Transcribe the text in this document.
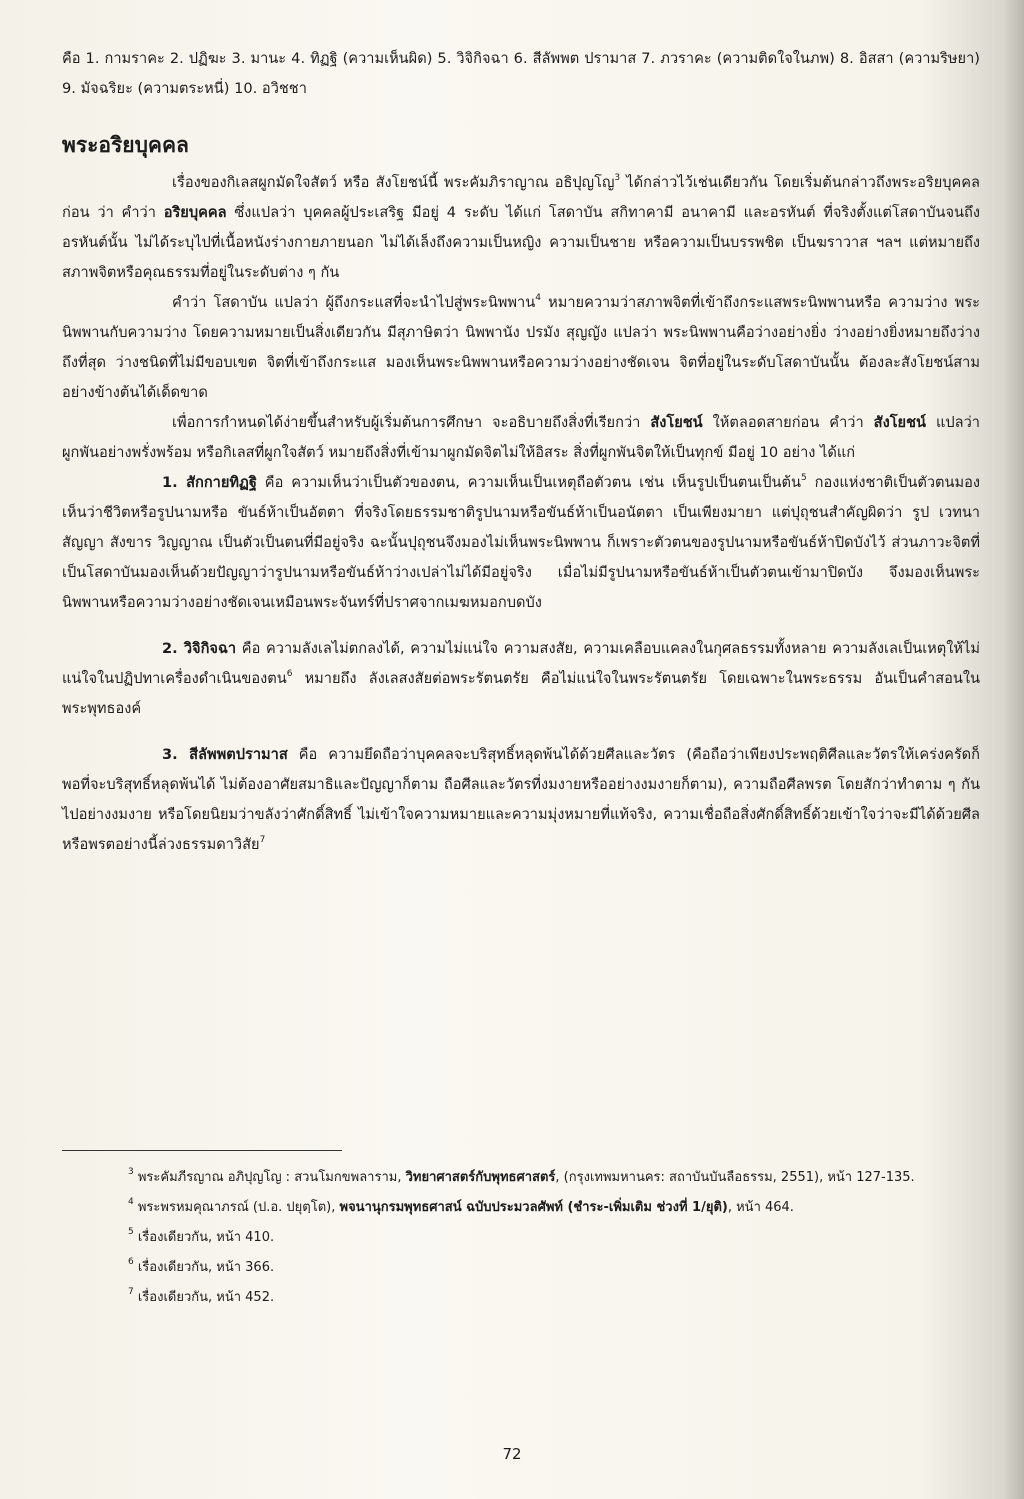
คือ 1. กามราคะ 2. ปฏิฆะ 3. มานะ 4. ทิฏฐิ (ความเห็นผิด) 5. วิจิกิจฉา 6. สีลัพพต ปรามาส 7. ภวราคะ (ความติดใจในภพ) 8. อิสสา (ความริษยา) 9. มัจฉริยะ (ความตระหนี่) 10. อวิชชา

พระอริยบุคคล

เรื่องของกิเลสผูกมัดใจสัตว์ หรือ สังโยชน์นี้ พระคัมภิราญาณ อธิปุญโญ$^3$ ได้กล่าวไว้เช่นเดียวกัน โดยเริ่มต้นกล่าวถึงพระอริยบุคคลก่อน ว่า คำว่า อริยบุคคล ซึ่งแปลว่า บุคคลผู้ประเสริฐ มีอยู่ 4 ระดับ ได้แก่ โสดาบัน สกิทาคามี อนาคามี และอรหันต์ ที่จริงตั้งแต่โสดาบันจนถึงอรหันต์นั้น ไม่ได้ระบุไปที่เนื้อหนังร่างกายภายนอก ไม่ได้เล็งถึงความเป็นหญิง ความเป็นชาย หรือความเป็นบรรพชิต เป็นฆราวาส ฯลฯ แต่หมายถึง สภาพจิตหรือคุณธรรมที่อยู่ในระดับต่าง ๆ กัน

คำว่า โสดาบัน แปลว่า ผู้ถึงกระแสที่จะนำไปสู่พระนิพพาน$^4$ หมายความว่าสภาพจิตที่เข้าถึงกระแสพระนิพพานหรือ ความว่าง พระนิพพานกับความว่าง โดยความหมายเป็นสิ่งเดียวกัน มีสุภาษิตว่า นิพพานัง ปรมัง สุญญัง แปลว่า พระนิพพานคือว่างอย่างยิ่ง ว่างอย่างยิ่งหมายถึงว่างถึงที่สุด ว่างชนิดที่ไม่มีขอบเขต จิตที่เข้าถึงกระแส มองเห็นพระนิพพานหรือความว่างอย่างชัดเจน จิตที่อยู่ในระดับโสดาบันนั้น ต้องละสังโยชน์สามอย่างข้างต้นได้เด็ดขาด

เพื่อการกำหนดได้ง่ายขึ้นสำหรับผู้เริ่มต้นการศึกษา จะอธิบายถึงสิ่งที่เรียกว่า สังโยชน์ ให้ตลอดสายก่อน คำว่า สังโยชน์ แปลว่า ผูกพันอย่างพรั่งพร้อม หรือกิเลสที่ผูกใจสัตว์ หมายถึงสิ่งที่เข้ามาผูกมัดจิตไม่ให้อิสระ สิ่งที่ผูกพันจิตให้เป็นทุกข์ มีอยู่ 10 อย่าง ได้แก่

1. สักกายทิฏฐิ คือ ความเห็นว่าเป็นตัวของตน, ความเห็นเป็นเหตุถือตัวตน เช่น เห็นรูปเป็นตนเป็นต้น$^5$ กองแห่งชาติเป็นตัวตนมองเห็นว่าชีวิตหรือรูปนามหรือ ขันธ์ห้าเป็นอัตตา ที่จริงโดยธรรมชาติรูปนามหรือขันธ์ห้าเป็นอนัตตา เป็นเพียงมายา แต่ปุถุชนสำคัญผิดว่า รูป เวทนา สัญญา สังขาร วิญญาณ เป็นตัวเป็นตนที่มีอยู่จริง ฉะนั้นปุถุชนจึงมองไม่เห็นพระนิพพาน ก็เพราะตัวตนของรูปนามหรือขันธ์ห้าปิดบังไว้ ส่วนภาวะจิตที่เป็นโสดาบันมองเห็นด้วยปัญญาว่ารูปนามหรือขันธ์ห้าว่างเปล่าไม่ได้มีอยู่จริง เมื่อไม่มีรูปนามหรือขันธ์ห้าเป็นตัวตนเข้ามาปิดบัง จึงมองเห็นพระนิพพานหรือความว่างอย่างชัดเจนเหมือนพระจันทร์ที่ปราศจากเมฆหมอกบดบัง

2. วิจิกิจฉา คือ ความลังเลไม่ตกลงได้, ความไม่แน่ใจ ความสงสัย, ความเคลือบแคลงในกุศลธรรมทั้งหลาย ความลังเลเป็นเหตุให้ไม่แน่ใจในปฏิปทาเครื่องดำเนินของตน$^6$ หมายถึง ลังเลสงสัยต่อพระรัตนตรัย คือไม่แน่ใจในพระรัตนตรัย โดยเฉพาะในพระธรรม อันเป็นคำสอนในพระพุทธองค์

3. สีลัพพตปรามาส คือ ความยึดถือว่าบุคคลจะบริสุทธิ์หลุดพ้นได้ด้วยศีลและวัตร (คือถือว่าเพียงประพฤติศีลและวัตรให้เคร่งครัดก็พอที่จะบริสุทธิ์หลุดพ้นได้ ไม่ต้องอาศัยสมาธิและปัญญาก็ตาม ถือศีลและวัตรที่งมงายหรืออย่างงมงายก็ตาม), ความถือศีลพรต โดยสักว่าทำตาม ๆ กันไปอย่างงมงาย หรือโดยนิยมว่าขลังว่าศักดิ์สิทธิ์ ไม่เข้าใจความหมายและความมุ่งหมายที่แท้จริง, ความเชื่อถือสิ่งศักดิ์สิทธิ์ด้วยเข้าใจว่าจะมีได้ด้วยศีลหรือพรตอย่างนี้ล่วงธรรมดาวิสัย$^7$

$^3$ พระคัมภีรญาณ อภิปุญโญ : สวนโมกขพลาราม, วิทยาศาสตร์กับพุทธศาสตร์, (กรุงเทพมหานคร: สถาบันบันลือธรรม, 2551), หน้า 127-135.

$^4$ พระพรหมคุณาภรณ์ (ป.อ. ปยุตฺโต), พจนานุกรมพุทธศาสน์ ฉบับประมวลศัพท์ (ชำระ-เพิ่มเติม ช่วงที่ 1/ยุติ), หน้า 464.

$^5$ เรื่องเดียวกัน, หน้า 410.

$^6$ เรื่องเดียวกัน, หน้า 366.

$^7$ เรื่องเดียวกัน, หน้า 452.

72
